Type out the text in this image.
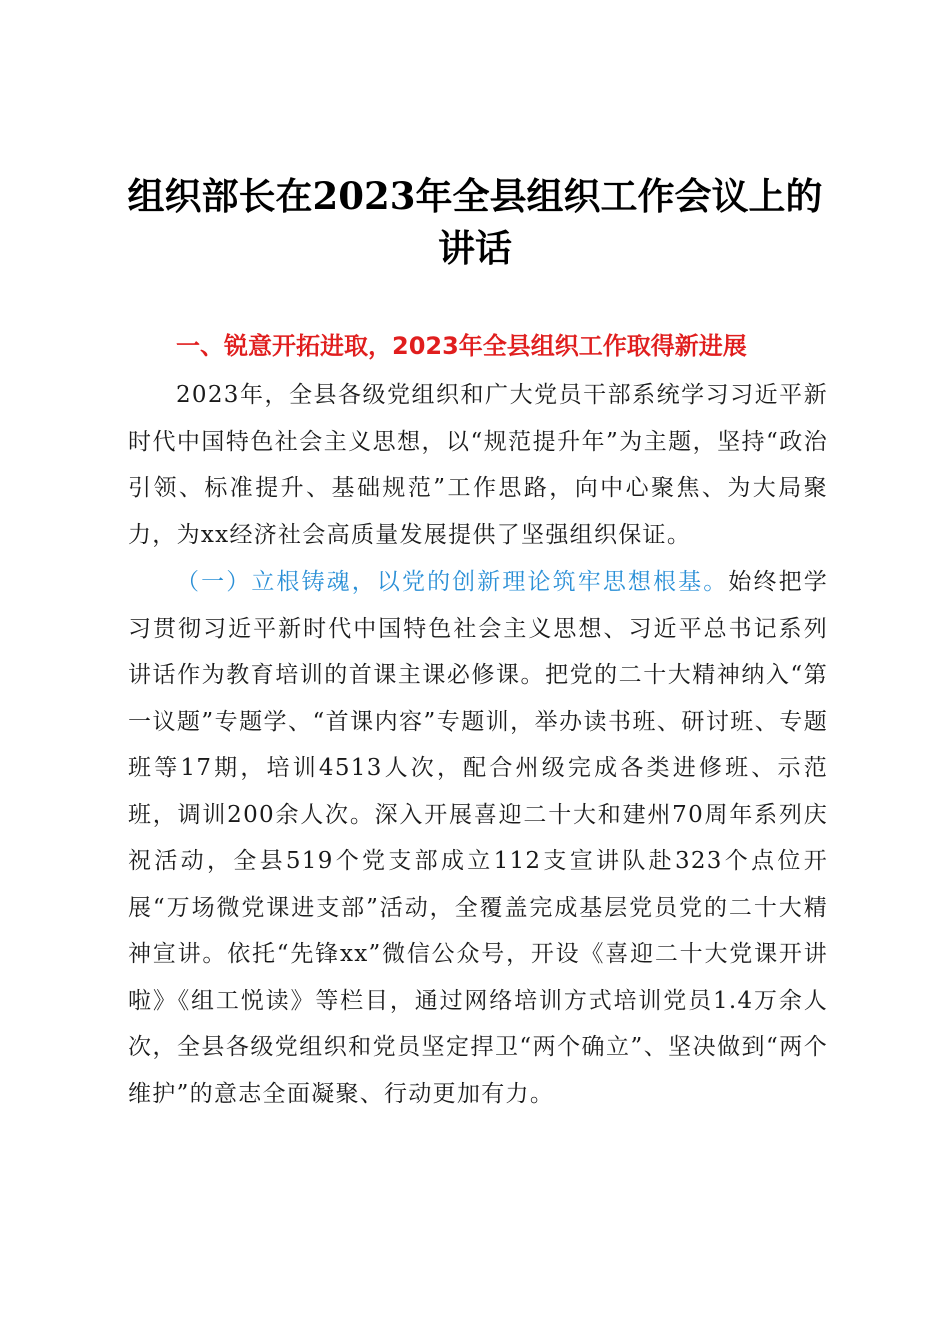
组织部长在2023年全县组织工作会议上的讲话
一、锐意开拓进取，2023年全县组织工作取得新进展

2023年，全县各级党组织和广大党员干部系统学习习近平新时代中国特色社会主义思想，以“规范提升年”为主题，坚持“政治引领、标准提升、基础规范”工作思路，向中心聚焦、为大局聚力，为xx经济社会高质量发展提供了坚强组织保证。

（一）立根铸魂，以党的创新理论筑牢思想根基。始终把学习贯彻习近平新时代中国特色社会主义思想、习近平总书记系列讲话作为教育培训的首课主课必修课。把党的二十大精神纳入“第一议题”专题学、“首课内容”专题训，举办读书班、研讨班、专题班等17期，培训4513人次，配合州级完成各类进修班、示范班，调训200余人次。深入开展喜迎二十大和建州70周年系列庆祝活动，全县519个党支部成立112支宣讲队赴323个点位开展“万场微党课进支部”活动，全覆盖完成基层党员党的二十大精神宣讲。依托“先锋xx”微信公众号，开设《喜迎二十大党课开讲啦》《组工悦读》等栏目，通过网络培训方式培训党员1.4万余人次，全县各级党组织和党员坚定捍卫“两个确立”、坚决做到“两个维护”的意志全面凝聚、行动更加有力。
